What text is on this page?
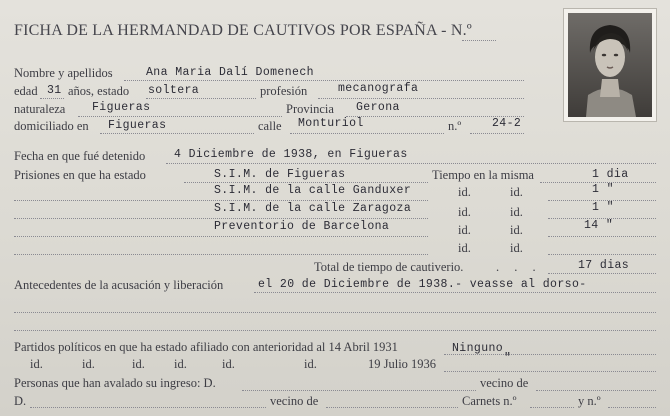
FICHA DE LA HERMANDAD DE CAUTIVOS POR ESPAÑA - N.º
Nombre y apellidos	Ana Maria Dalí Domenech
edad 31 años, estado soltera	profesión	mecanografa
naturaleza Figueras	Provincia Gerona
domiciliado en Figueras	calle Monturiol	n.º	24-2
Fecha en que fué detenido	4 Diciembre de 1938, en Figueras
Prisiones en que ha estado	Tiempo en la misma
S.I.M. de Figueras	1 dia
S.I.M. de la calle Ganduxer	id.	id.	1 "
S.I.M. de la calle Zaragoza	id.	id.	1 "
Preventorio de Barcelona	id.	id.	14 "
id.	id.
Total de tiempo de cautiverio.	. . .	17 dias
Antecedentes de la acusación y liberación	el 20 de Diciembre de 1938.- veasse al dorso-
Partidos políticos en que ha estado afiliado con anterioridad al 14 Abril 1931	Ninguno
id.	id.	id. id.	id.	id.	19 Julio 1936	"
Personas que han avalado su ingreso: D.	vecino de
D.	vecino de	Carnets n.º	y n.º
